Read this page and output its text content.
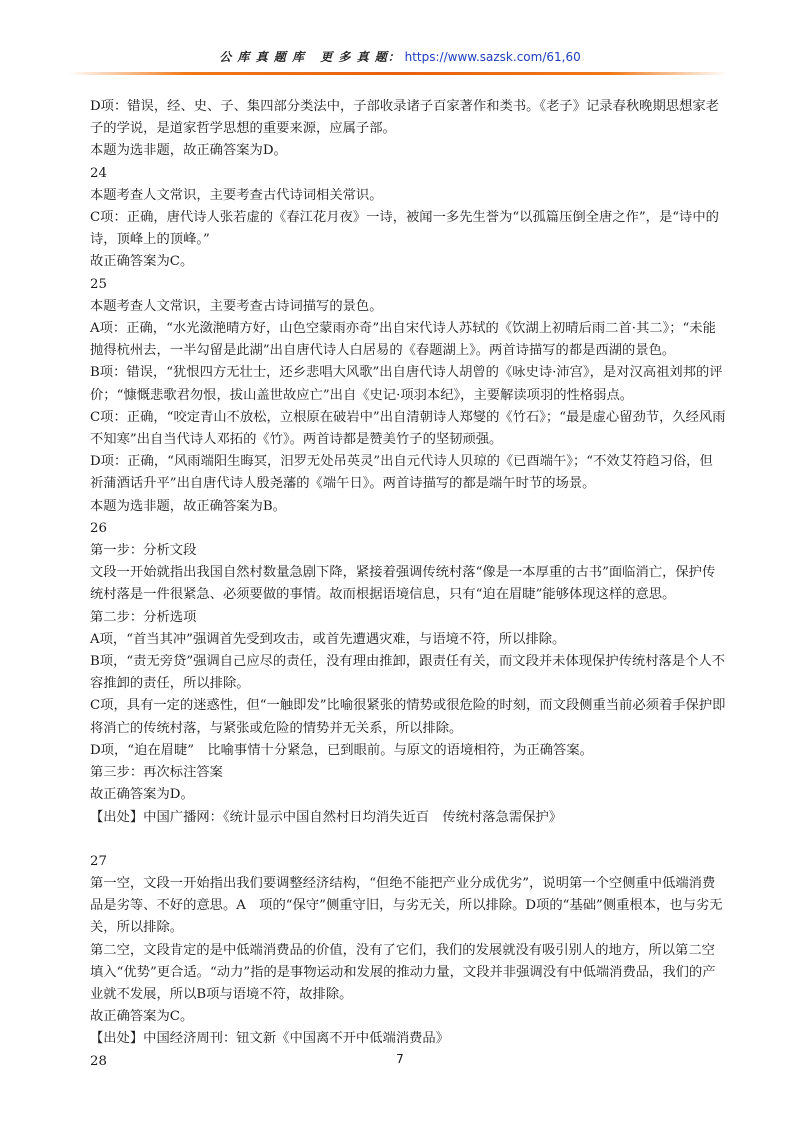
公 库 真 题 库 更 多 真 题： https://www.sazsk.com/61,60

D项：错误，经、史、子、集四部分类法中，子部收录诸子百家著作和类书。《老子》记录春秋晚期思想家老子的学说，是道家哲学思想的重要来源，应属子部。

本题为选非题，故正确答案为D。

24

本题考查人文常识，主要考查古代诗词相关常识。

C项：正确，唐代诗人张若虚的《春江花月夜》一诗，被闻一多先生誉为“以孤篇压倒全唐之作”，是“诗中的诗，顶峰上的顶峰。”

故正确答案为C。

25

本题考查人文常识，主要考查古诗词描写的景色。

A项：正确，“水光潋滟晴方好，山色空蒙雨亦奇”出自宋代诗人苏轼的《饮湖上初晴后雨二首·其二》；“未能抛得杭州去，一半勾留是此湖”出自唐代诗人白居易的《春题湖上》。两首诗描写的都是西湖的景色。

B项：错误，“犹恨四方无壮士，还乡悲唱大风歌”出自唐代诗人胡曾的《咏史诗·沛宫》，是对汉高祖刘邦的评价；“慷慨悲歌君勿恨，拔山盖世故应亡”出自《史记·项羽本纪》，主要解读项羽的性格弱点。

C项：正确，“咬定青山不放松，立根原在破岩中”出自清朝诗人郑燮的《竹石》；“最是虚心留劲节，久经风雨不知寒”出自当代诗人邓拓的《竹》。两首诗都是赞美竹子的坚韧顽强。

D项：正确，“风雨端阳生晦冥，汨罗无处吊英灵”出自元代诗人贝琼的《已酉端午》；“不效艾符趋习俗，但祈蒲酒话升平”出自唐代诗人殷尧藩的《端午日》。两首诗描写的都是端午时节的场景。

本题为选非题，故正确答案为B。

26

第一步：分析文段

文段一开始就指出我国自然村数量急剧下降，紧接着强调传统村落“像是一本厚重的古书”面临消亡，保护传统村落是一件很紧急、必须要做的事情。故而根据语境信息，只有“迫在眉睫”能够体现这样的意思。

第二步：分析选项

A项，“首当其冲”强调首先受到攻击，或首先遭遇灾难，与语境不符，所以排除。

B项，“责无旁贷”强调自己应尽的责任，没有理由推卸，跟责任有关，而文段并未体现保护传统村落是个人不容推卸的责任，所以排除。

C项，具有一定的迷惑性，但“一触即发”比喻很紧张的情势或很危险的时刻，而文段侧重当前必须着手保护即将消亡的传统村落，与紧张或危险的情势并无关系，所以排除。

D项，“迫在眉睫”　比喻事情十分紧急，已到眼前。与原文的语境相符，为正确答案。

第三步：再次标注答案

故正确答案为D。

【出处】中国广播网：《统计显示中国自然村日均消失近百　传统村落急需保护》

27

第一空，文段一开始指出我们要调整经济结构，“但绝不能把产业分成优劣”，说明第一个空侧重中低端消费品是劣等、不好的意思。A　项的“保守”侧重守旧，与劣无关，所以排除。D项的“基础”侧重根本，也与劣无关，所以排除。

第二空，文段肯定的是中低端消费品的价值，没有了它们，我们的发展就没有吸引别人的地方，所以第二空填入“优势”更合适。“动力”指的是事物运动和发展的推动力量，文段并非强调没有中低端消费品，我们的产业就不发展，所以B项与语境不符，故排除。

故正确答案为C。

【出处】中国经济周刊：钮文新《中国离不开中低端消费品》

28	7
